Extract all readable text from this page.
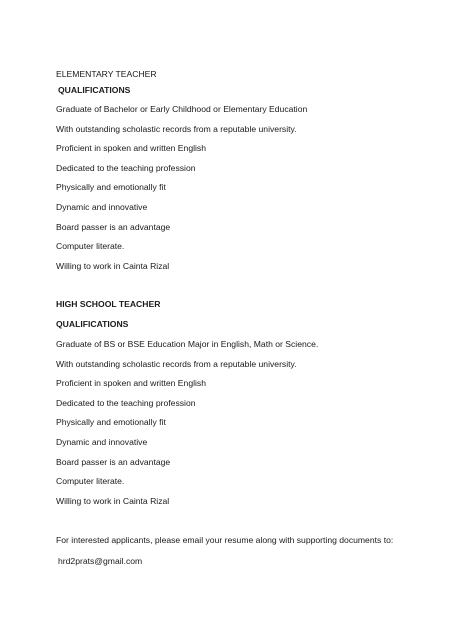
ELEMENTARY TEACHER
QUALIFICATIONS
Graduate of Bachelor or Early Childhood or Elementary Education
With outstanding scholastic records from a reputable university.
Proficient in spoken and written English
Dedicated to the teaching profession
Physically and emotionally fit
Dynamic and innovative
Board passer is an advantage
Computer literate.
Willing to work in Cainta Rizal
HIGH SCHOOL TEACHER
QUALIFICATIONS
Graduate of BS or BSE Education Major in English, Math or Science.
With outstanding scholastic records from a reputable university.
Proficient in spoken and written English
Dedicated to the teaching profession
Physically and emotionally fit
Dynamic and innovative
Board passer is an advantage
Computer literate.
Willing to work in Cainta Rizal
For interested applicants, please email your resume along with supporting documents to:
hrd2prats@gmail.com
